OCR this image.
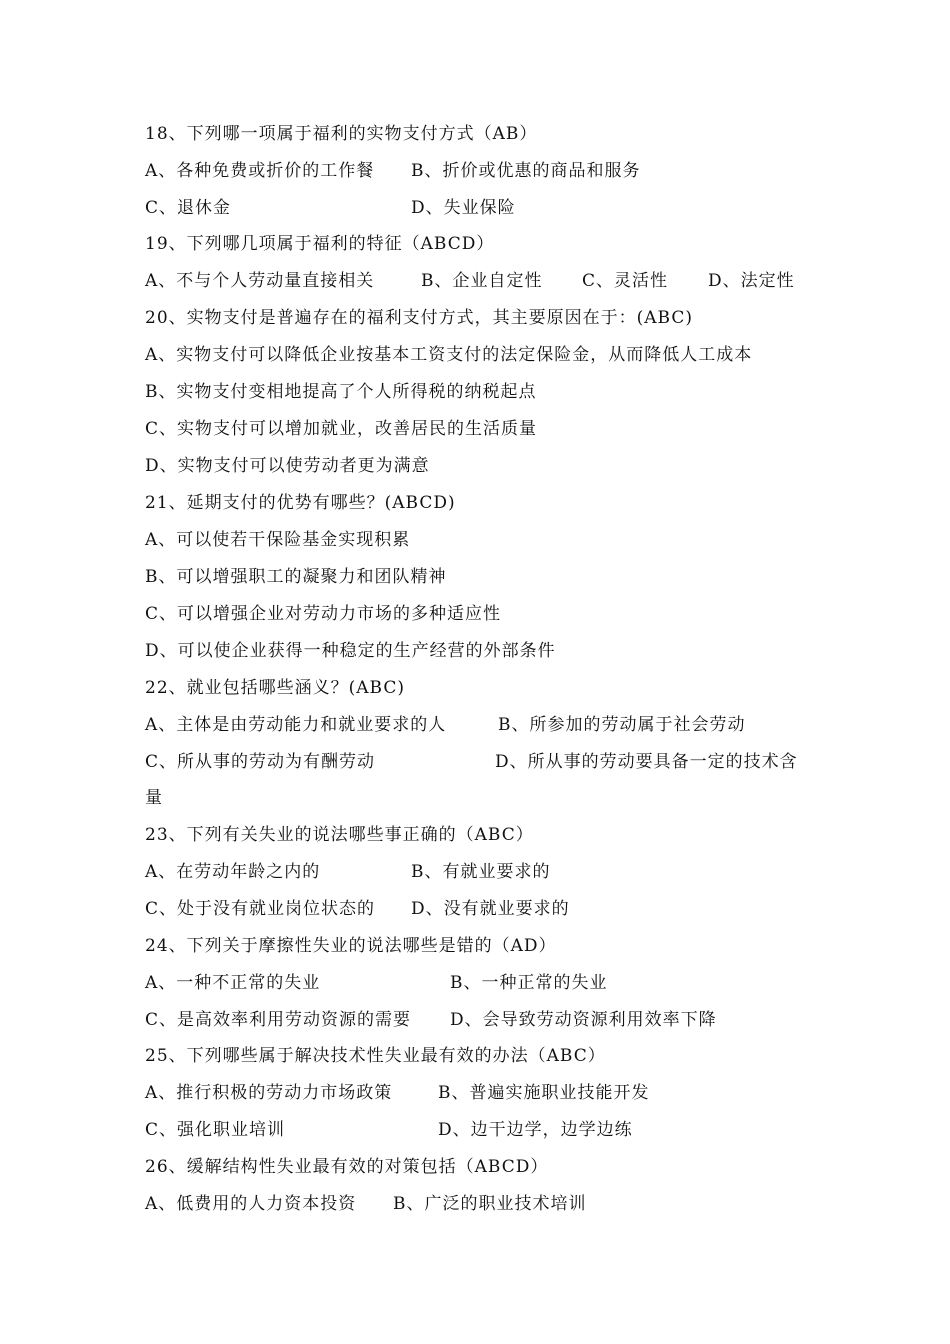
18、下列哪一项属于福利的实物支付方式（AB）
A、各种免费或折价的工作餐 B、折价或优惠的商品和服务
C、退休金	D、失业保险
19、下列哪几项属于福利的特征（ABCD）
A、不与个人劳动量直接相关	B、企业自定性 C、灵活性 D、法定性
20、实物支付是普遍存在的福利支付方式，其主要原因在于：(ABC)
A、实物支付可以降低企业按基本工资支付的法定保险金，从而降低人工成本
B、实物支付变相地提高了个人所得税的纳税起点
C、实物支付可以增加就业，改善居民的生活质量
D、实物支付可以使劳动者更为满意
21、延期支付的优势有哪些？(ABCD)
A、可以使若干保险基金实现积累
B、可以增强职工的凝聚力和团队精神
C、可以增强企业对劳动力市场的多种适应性
D、可以使企业获得一种稳定的生产经营的外部条件
22、就业包括哪些涵义？(ABC)
A、主体是由劳动能力和就业要求的人	B、所参加的劳动属于社会劳动
C、所从事的劳动为有酬劳动	D、所从事的劳动要具备一定的技术含
量
23、下列有关失业的说法哪些事正确的（ABC）
A、在劳动年龄之内的	B、有就业要求的
C、处于没有就业岗位状态的 D、没有就业要求的
24、下列关于摩擦性失业的说法哪些是错的（AD）
A、一种不正常的失业	B、一种正常的失业
C、是高效率利用劳动资源的需要 D、会导致劳动资源利用效率下降
25、下列哪些属于解决技术性失业最有效的办法（ABC）
A、推行积极的劳动力市场政策	B、普遍实施职业技能开发
C、强化职业培训	D、边干边学，边学边练
26、缓解结构性失业最有效的对策包括（ABCD）
A、低费用的人力资本投资 B、广泛的职业技术培训
